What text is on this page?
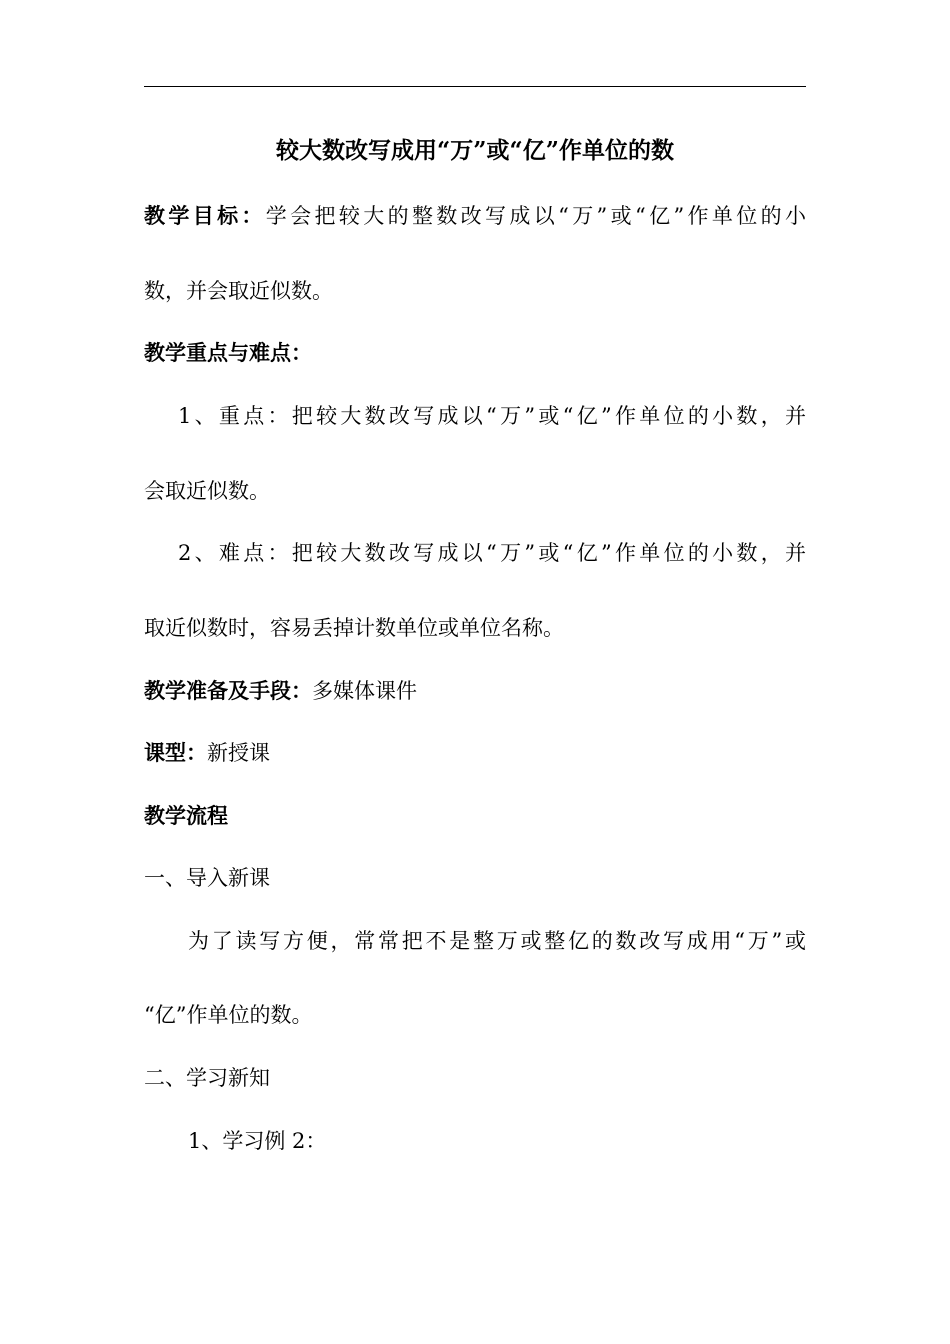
较大数改写成用“万”或“亿”作单位的数
教学目标：学会把较大的整数改写成以“万”或“亿”作单位的小
数，并会取近似数。
教学重点与难点：
1、重点：把较大数改写成以“万”或“亿”作单位的小数，并
会取近似数。
2、难点：把较大数改写成以“万”或“亿”作单位的小数，并
取近似数时，容易丢掉计数单位或单位名称。
教学准备及手段：多媒体课件
课型：新授课
教学流程
一、导入新课
为了读写方便，常常把不是整万或整亿的数改写成用“万”或
“亿”作单位的数。
二、学习新知
1、学习例 2：
